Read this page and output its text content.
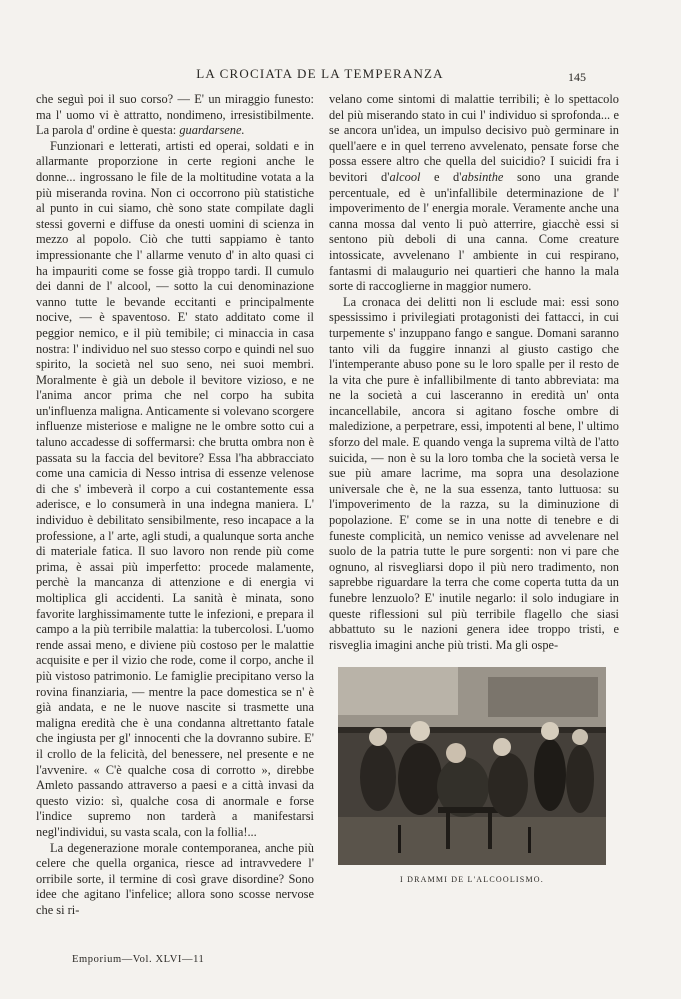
LA CROCIATA DE LA TEMPERANZA	145

che seguì poi il suo corso? — E' un miraggio funesto: ma l' uomo vi è attratto, nondimeno, irresistibilmente. La parola d' ordine è questa: guardarsene.

Funzionari e letterati, artisti ed operai, soldati e in allarmante proporzione in certe regioni anche le donne... ingrossano le file de la moltitudine votata a la più miseranda rovina. Non ci occorrono più statistiche al punto in cui siamo, chè sono state compilate dagli stessi governi e diffuse da onesti uomini di scienza in mezzo al popolo. Ciò che tutti sappiamo è tanto impressionante che l' allarme venuto d' in alto quasi ci ha impauriti come se fosse già troppo tardi. Il cumulo dei danni de l' alcool, — sotto la cui denominazione vanno tutte le bevande eccitanti e principalmente nocive, — è spaventoso. E' stato additato come il peggior nemico, e il più temibile; ci minaccia in casa nostra: l' individuo nel suo stesso corpo e quindi nel suo spirito, la società nel suo seno, nei suoi membri. Moralmente è già un debole il bevitore vizioso, e ne l'anima ancor prima che nel corpo ha subita un'influenza maligna. Anticamente si volevano scorgere influenze misteriose e maligne ne le ombre sotto cui a taluno accadesse di soffermarsi: che brutta ombra non è passata su la faccia del bevitore? Essa l'ha abbracciato come una camicia di Nesso intrisa di essenze velenose di che s' imbeverà il corpo a cui costantemente essa aderisce, e lo consumerà in una indegna maniera. L' individuo è debilitato sensibilmente, reso incapace a la professione, a l' arte, agli studi, a qualunque sorta anche di materiale fatica. Il suo lavoro non rende più come prima, è assai più imperfetto: procede malamente, perchè la mancanza di attenzione e di energia vi moltiplica gli accidenti. La sanità è minata, sono favorite larghissimamente tutte le infezioni, e prepara il campo a la più terribile malattia: la tubercolosi. L'uomo rende assai meno, e diviene più costoso per le malattie acquisite e per il vizio che rode, come il corpo, anche il più vistoso patrimonio. Le famiglie precipitano verso la rovina finanziaria, — mentre la pace domestica se n' è già andata, e ne le nuove nascite si trasmette una maligna eredità che è una condanna altrettanto fatale che ingiusta per gl' innocenti che la dovranno subire. E' il crollo de la felicità, del benessere, nel presente e ne l'avvenire. « C'è qualche cosa di corrotto », direbbe Amleto passando attraverso a paesi e a città invasi da questo vizio: sì, qualche cosa di anormale e forse l'indice supremo non tarderà a manifestarsi negl'individui, su vasta scala, con la follia!...

La degenerazione morale contemporanea, anche più celere che quella organica, riesce ad intravvedere l' orribile sorte, il termine di così grave disordine? Sono idee che agitano l'infelice; allora sono scosse nervose che si ri-

velano come sintomi di malattie terribili; è lo spettacolo del più miserando stato in cui l' individuo si sprofonda... e se ancora un'idea, un impulso decisivo può germinare in quell'aere e in quel terreno avvelenato, pensate forse che possa essere altro che quella del suicidio? I suicidi fra i bevitori d'alcool e d'absinthe sono una grande percentuale, ed è un'infallibile determinazione de l' impoverimento de l' energia morale. Veramente anche una canna mossa dal vento li può atterrire, giacchè essi si sentono più deboli di una canna. Come creature intossicate, avvelenano l' ambiente in cui respirano, fantasmi di malaugurio nei quartieri che hanno la mala sorte di raccoglierne in maggior numero.

La cronaca dei delitti non li esclude mai: essi sono spessissimo i privilegiati protagonisti dei fattacci, in cui turpemente s' inzuppano fango e sangue. Domani saranno tanto vili da fuggire innanzi al giusto castigo che l'intemperante abuso pone su le loro spalle per il resto de la vita che pure è infallibilmente di tanto abbreviata: ma ne la società a cui lasceranno in eredità un' onta incancellabile, ancora si agitano fosche ombre di maledizione, a perpetrare, essi, impotenti al bene, l' ultimo sforzo del male. E quando venga la suprema viltà de l'atto suicida, — non è su la loro tomba che la società versa le sue più amare lacrime, ma sopra una desolazione universale che è, ne la sua essenza, tanto luttuosa: su l'impoverimento de la razza, su la diminuzione di popolazione. E' come se in una notte di tenebre e di funeste complicità, un nemico venisse ad avvelenare nel suolo de la patria tutte le pure sorgenti: non vi pare che ognuno, al risvegliarsi dopo il più nero tradimento, non saprebbe riguardare la terra che come coperta tutta da un funebre lenzuolo? E' inutile negarlo: il solo indugiare in queste riflessioni sul più terribile flagello che siasi abbattuto su le nazioni genera idee troppo tristi, e risveglia imagini anche più tristi. Ma gli ospe-

I DRAMMI DE L'ALCOOLISMO.
Emporium—Vol. XLVI—11
